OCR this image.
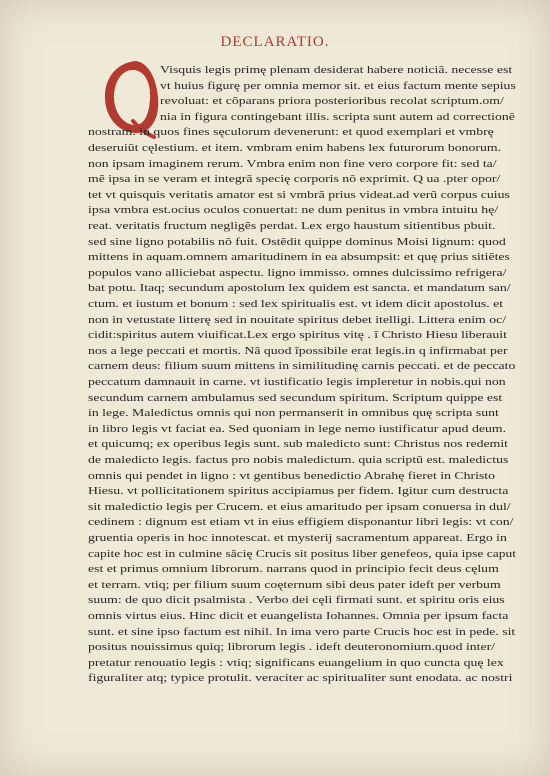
DECLARATIO.
Visquis legis primę plenam desiderat habere noticiã. necesse est
vt huius figurę per omnia memor sit. et eius factum mente sepius
revoluat: et cõparans priora posterioribus recolat scriptum.om/
nia in figura contingebant illis. scripta sunt autem ad correctionẽ
nostram. in quos fines sęculorum devenerunt: et quod exemplari et vmbrę
deseruiũt cęlestium. et item. vmbram enim habens lex futurorum bonorum.
non ipsam imaginem rerum. Vmbra enim non fine vero corpore fit: sed ta/
mẽ ipsa in se veram et integrã specię corporis nõ exprimit. Q ua .pter opor/
tet vt quisquis veritatis amator est si vmbrã prius videat.ad verũ corpus cuius
ipsa vmbra est.ocius oculos conuertat: ne dum penitus in vmbra intuitu hę/
reat. veritatis fructum negligẽs perdat. Lex ergo haustum sitientibus pbuit.
sed sine ligno potabilis nõ fuit. Ostẽdit quippe dominus Moisi lignum: quod
mittens in aquam.omnem amaritudinem in ea absumpsit: et quę prius sitiẽtes
populos vano alliciebat aspectu. ligno immisso. omnes dulcissimo refrigera/
bat potu. Itaq; secundum apostolum lex quidem est sancta. et mandatum san/
ctum. et iustum et bonum : sed lex spiritualis est. vt idem dicit apostolus. et
non in vetustate litterę sed in nouitate spiritus debet itelligi. Littera enim oc/
cidit:spiritus autem viuificat.Lex ergo spiritus vitę . ĩ Christo Hiesu liberauit
nos a lege peccati et mortis. Nã quod ĩpossibile erat legis.in q infirmabat per
carnem deus: filium suum mittens in similitudinę carnis peccati. et de peccato
peccatum damnauit in carne. vt iustificatio legis impleretur in nobis.qui non
secundum carnem ambulamus sed secundum spiritum. Scriptum quippe est
in lege. Maledictus omnis qui non permanserit in omnibus quę scripta sunt
in libro legis vt faciat ea. Sed quoniam in lege nemo iustificatur apud deum.
et quicumq; ex operibus legis sunt. sub maledicto sunt: Christus nos redemit
de maledicto legis. factus pro nobis maledictum. quia scriptũ est. maledictus
omnis qui pendet in ligno : vt gentibus benedictio Abrahę fieret in Christo
Hiesu. vt pollicitationem spiritus accipiamus per fidem. Igitur cum destructa
sit maledictio legis per Crucem. et eius amaritudo per ipsam conuersa in dul/
cedinem : dignum est etiam vt in eius effigiem disponantur libri legis: vt con/
gruentia operis in hoc innotescat. et mysterij sacramentum appareat. Ergo in
capite hoc est in culmine săcię Crucis sit positus liber genefeos, quia ipse caput
est et primus omnium librorum. narrans quod in principio fecit deus cęlum
et terram. vtiq; per filium suum coęternum sibi deus pater ideft per verbum
suum: de quo dicit psalmista . Verbo dei cęli firmati sunt. et spiritu oris eius
omnis virtus eius. Hinc dicit et euangelista Iohannes. Omnia per ipsum facta
sunt. et sine ipso factum est nihil. In ima vero parte Crucis hoc est in pede. sit
positus nouissimus quiq; librorum legis . ideft deuteronomium.quod inter/
pretatur renouatio legis : vtiq; significans euangelium in quo cuncta quę lex
figuraliter atq; typice protulit. veraciter ac spiritualiter sunt enodata. ac nostri
